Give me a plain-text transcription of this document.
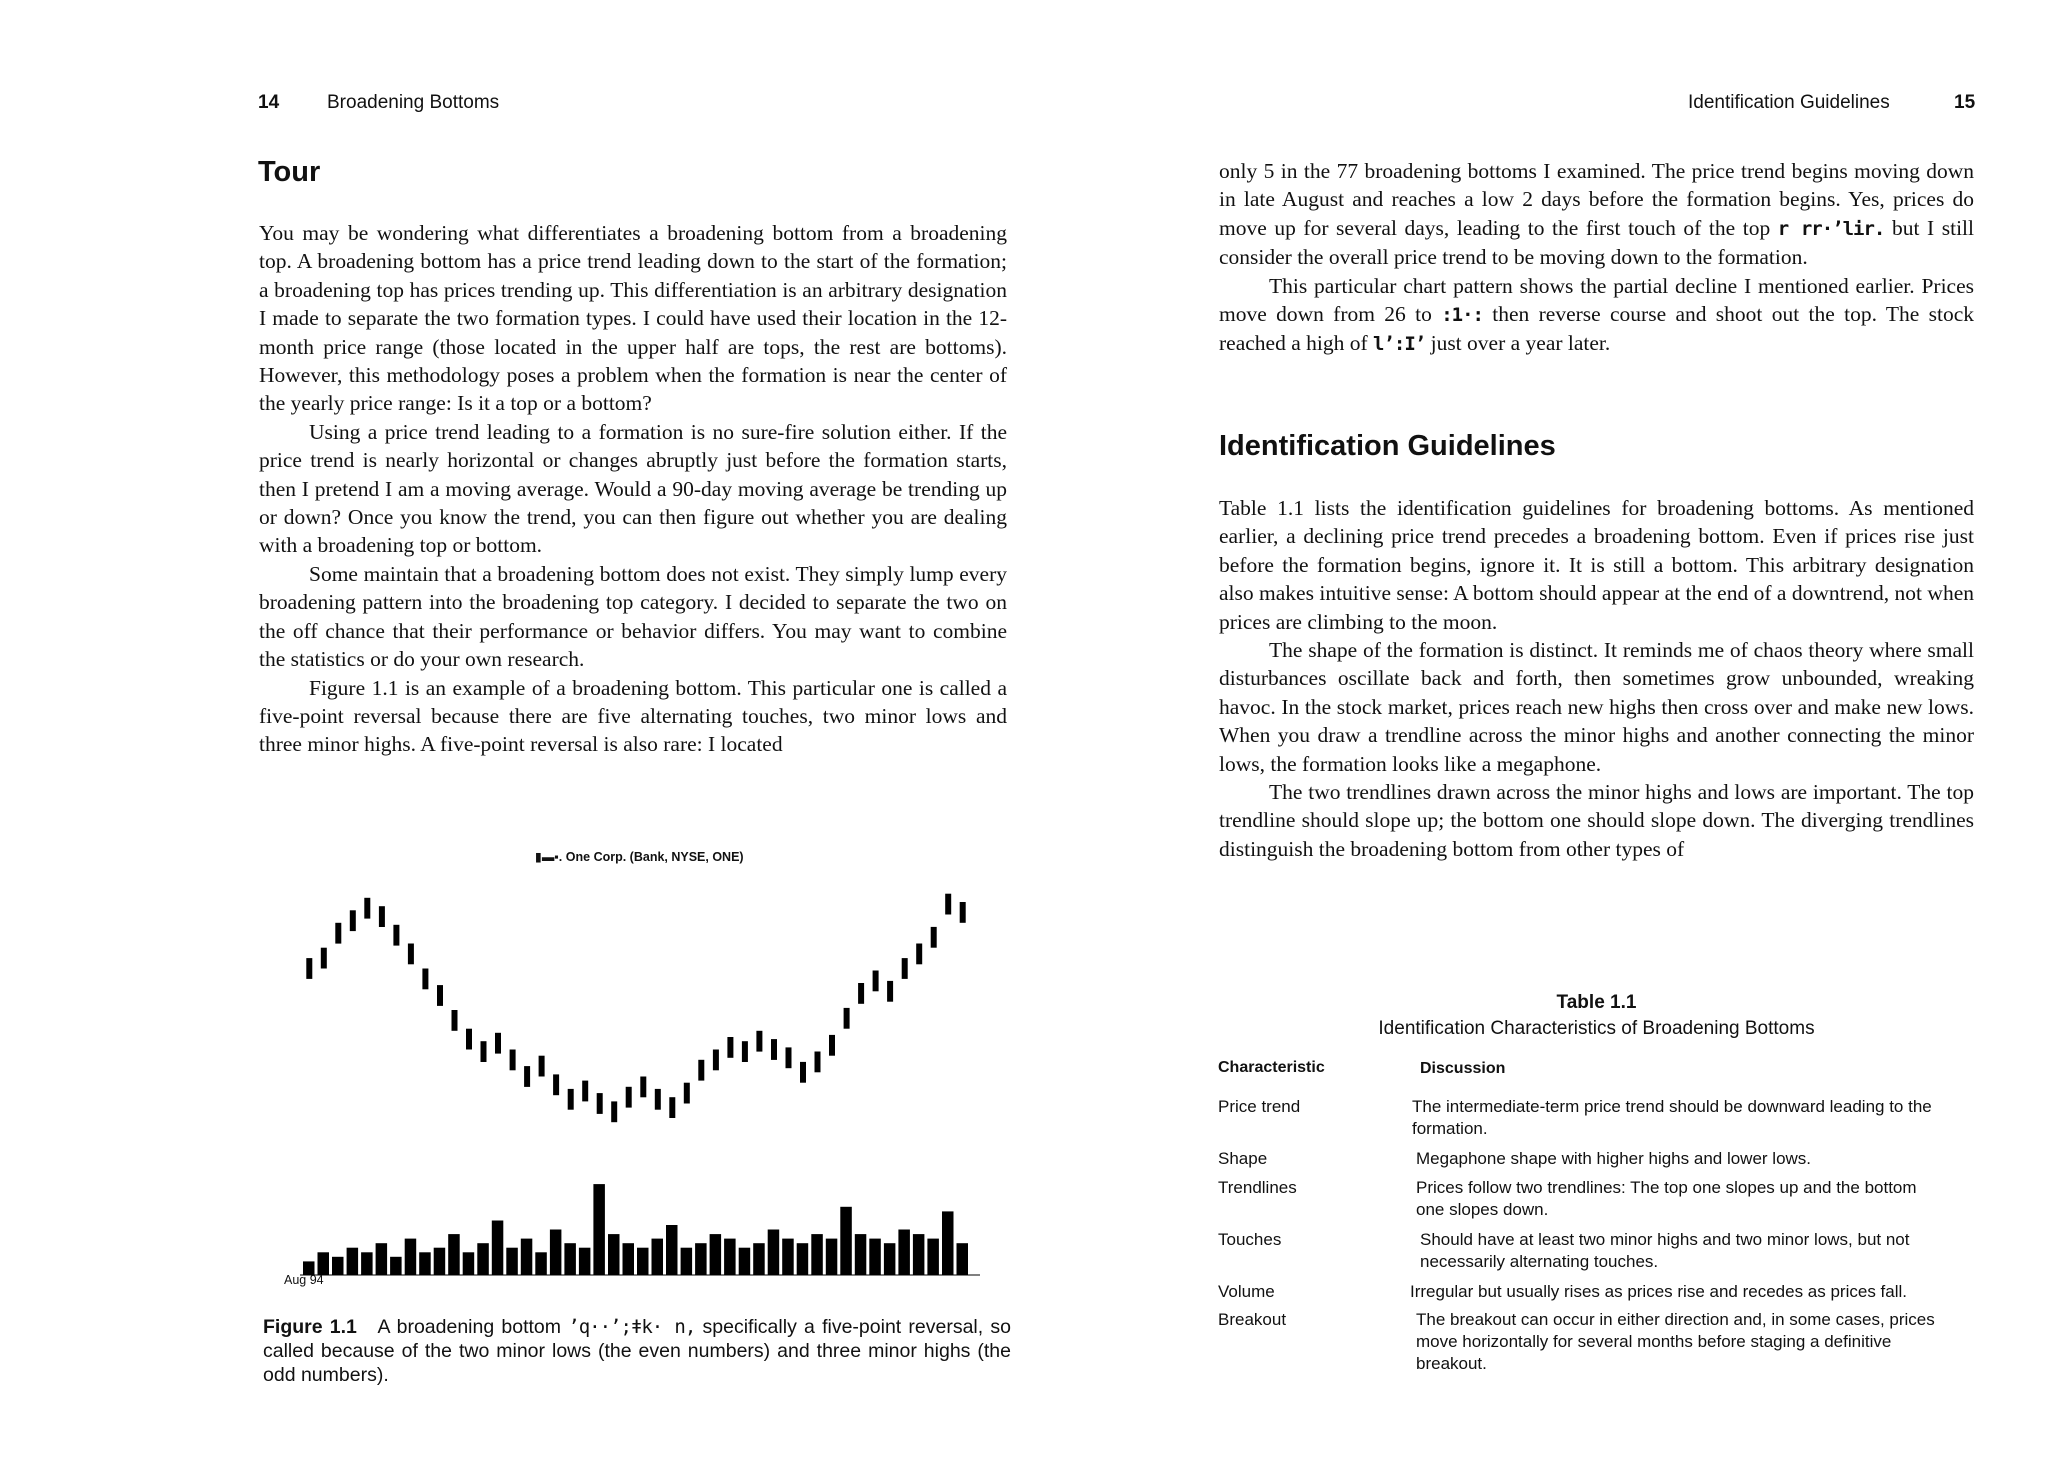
14	Broadening Bottoms
Tour

You may be wondering what differentiates a broadening bottom from a broadening top. A broadening bottom has a price trend leading down to the start of the formation; a broadening top has prices trending up. This differentiation is an arbitrary designation I made to separate the two formation types. I could have used their location in the 12-month price range (those located in the upper half are tops, the rest are bottoms). However, this methodology poses a problem when the formation is near the center of the yearly price range: Is it a top or a bottom?

Using a price trend leading to a formation is no sure-fire solution either. If the price trend is nearly horizontal or changes abruptly just before the formation starts, then I pretend I am a moving average. Would a 90-day moving average be trending up or down? Once you know the trend, you can then figure out whether you are dealing with a broadening top or bottom.

Some maintain that a broadening bottom does not exist. They simply lump every broadening pattern into the broadening top category. I decided to separate the two on the off chance that their performance or behavior differs. You may want to combine the statistics or do your own research.

Figure 1.1 is an example of a broadening bottom. This particular one is called a five-point reversal because there are five alternating touches, two minor lows and three minor highs. A five-point reversal is also rare: I located

▮▬▪. One Corp. (Bank, NYSE, ONE)
Aug 94
Figure 1.1 A broadening bottom ʼq··ʼ;ǂk· n, specifically a five-point reversal, so called because of the two minor lows (the even numbers) and three minor highs (the odd numbers).
Identification Guidelines	15

only 5 in the 77 broadening bottoms I examined. The price trend begins moving down in late August and reaches a low 2 days before the formation begins. Yes, prices do move up for several days, leading to the first touch of the top r rr·ʼlir. but I still consider the overall price trend to be moving down to the formation.

This particular chart pattern shows the partial decline I mentioned earlier. Prices move down from 26 to :1·: then reverse course and shoot out the top. The stock reached a high of lʼ:Iʼ just over a year later.

Identification Guidelines

Table 1.1 lists the identification guidelines for broadening bottoms. As mentioned earlier, a declining price trend precedes a broadening bottom. Even if prices rise just before the formation begins, ignore it. It is still a bottom. This arbitrary designation also makes intuitive sense: A bottom should appear at the end of a downtrend, not when prices are climbing to the moon.

The shape of the formation is distinct. It reminds me of chaos theory where small disturbances oscillate back and forth, then sometimes grow unbounded, wreaking havoc. In the stock market, prices reach new highs then cross over and make new lows. When you draw a trendline across the minor highs and another connecting the minor lows, the formation looks like a megaphone.

The two trendlines drawn across the minor highs and lows are important. The top trendline should slope up; the bottom one should slope down. The diverging trendlines distinguish the broadening bottom from other types of

Table 1.1
Identification Characteristics of Broadening Bottoms
Characteristic	Discussion
Price trend	The intermediate-term price trend should be downward leading to the formation.
Shape	Megaphone shape with higher highs and lower lows.
Trendlines	Prices follow two trendlines: The top one slopes up and the bottom one slopes down.
Touches	Should have at least two minor highs and two minor lows, but not necessarily alternating touches.
Volume	Irregular but usually rises as prices rise and recedes as prices fall.
Breakout	The breakout can occur in either direction and, in some cases, prices move horizontally for several months before staging a definitive breakout.
